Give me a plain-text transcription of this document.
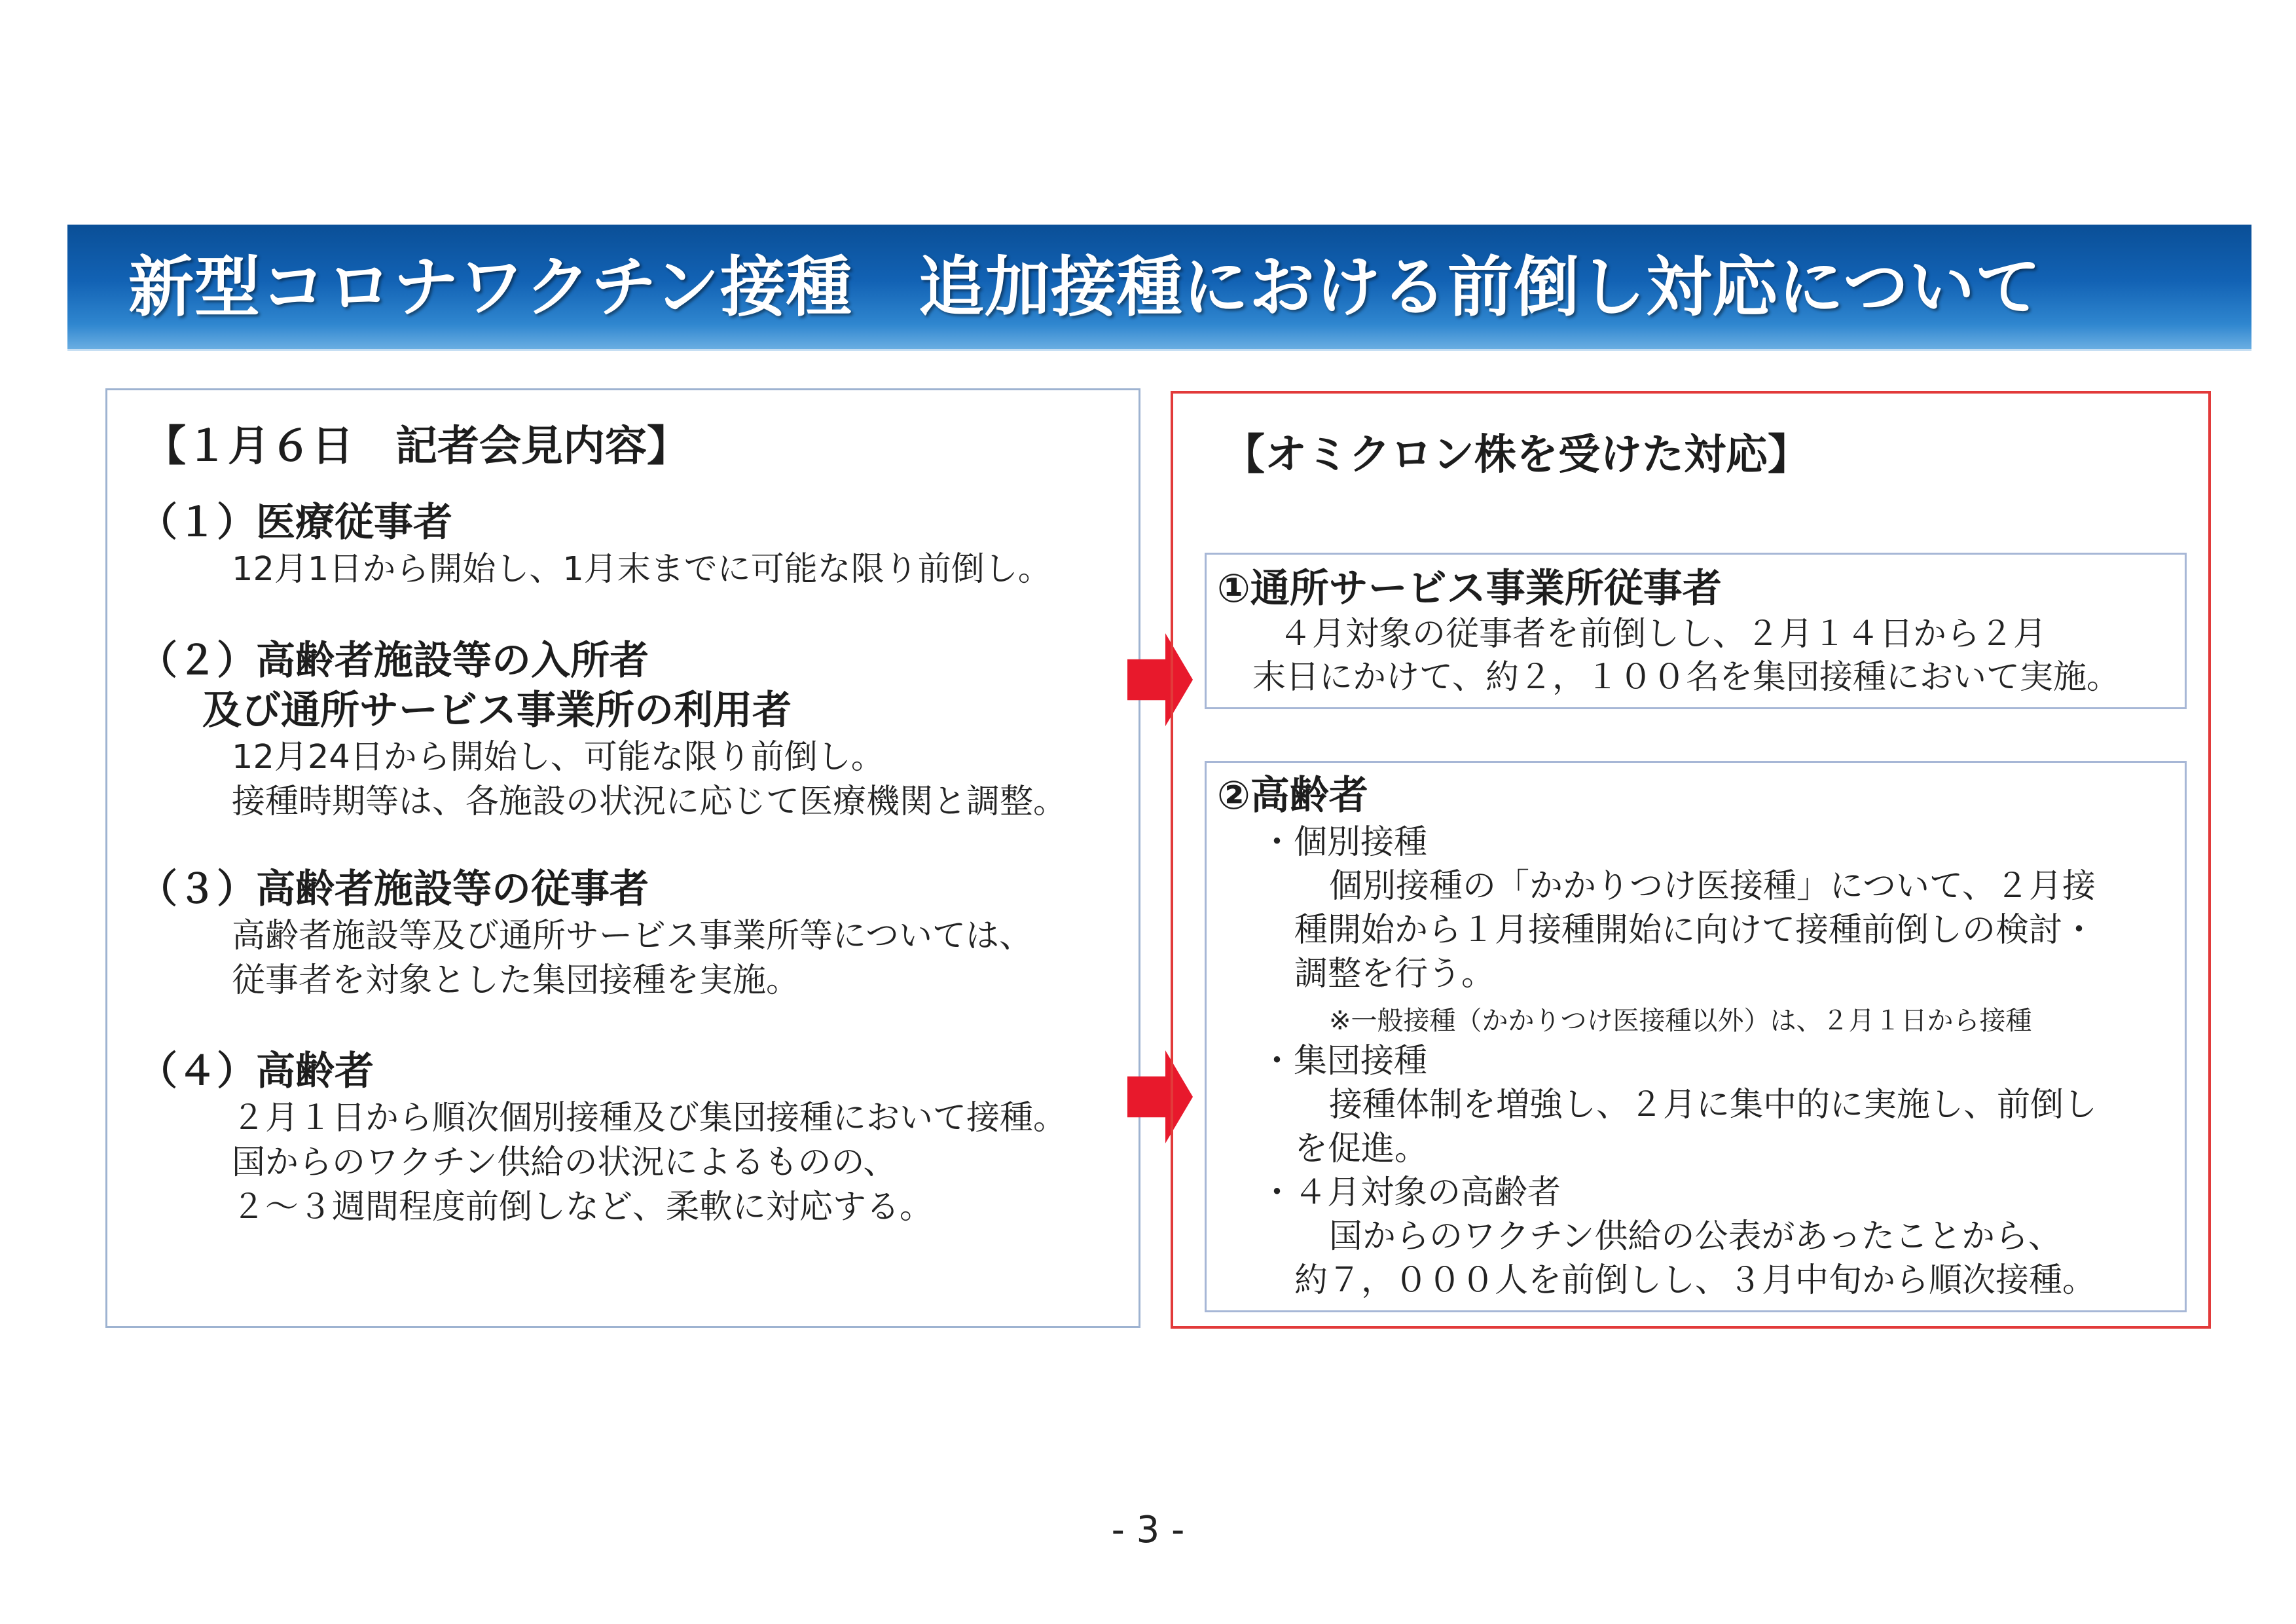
新型コロナワクチン接種　追加接種における前倒し対応について
【１月６日　記者会見内容】
（１）医療従事者
12月1日から開始し、1月末までに可能な限り前倒し。
（２）高齢者施設等の入所者
及び通所サービス事業所の利用者
12月24日から開始し、可能な限り前倒し。
接種時期等は、各施設の状況に応じて医療機関と調整。
（３）高齢者施設等の従事者
高齢者施設等及び通所サービス事業所等については、
従事者を対象とした集団接種を実施。
（４）高齢者
２月１日から順次個別接種及び集団接種において接種。
国からのワクチン供給の状況によるものの、
２～３週間程度前倒しなど、柔軟に対応する。
【オミクロン株を受けた対応】
①通所サービス事業所従事者
４月対象の従事者を前倒しし、２月１４日から２月
末日にかけて、約２，１００名を集団接種において実施。
②高齢者
・個別接種
個別接種の「かかりつけ医接種」について、２月接
種開始から１月接種開始に向けて接種前倒しの検討・
調整を行う。
※一般接種（かかりつけ医接種以外）は、２月１日から接種
・集団接種
接種体制を増強し、２月に集中的に実施し、前倒し
を促進。
・４月対象の高齢者
国からのワクチン供給の公表があったことから、
約７，０００人を前倒しし、３月中旬から順次接種。
- 3 -
